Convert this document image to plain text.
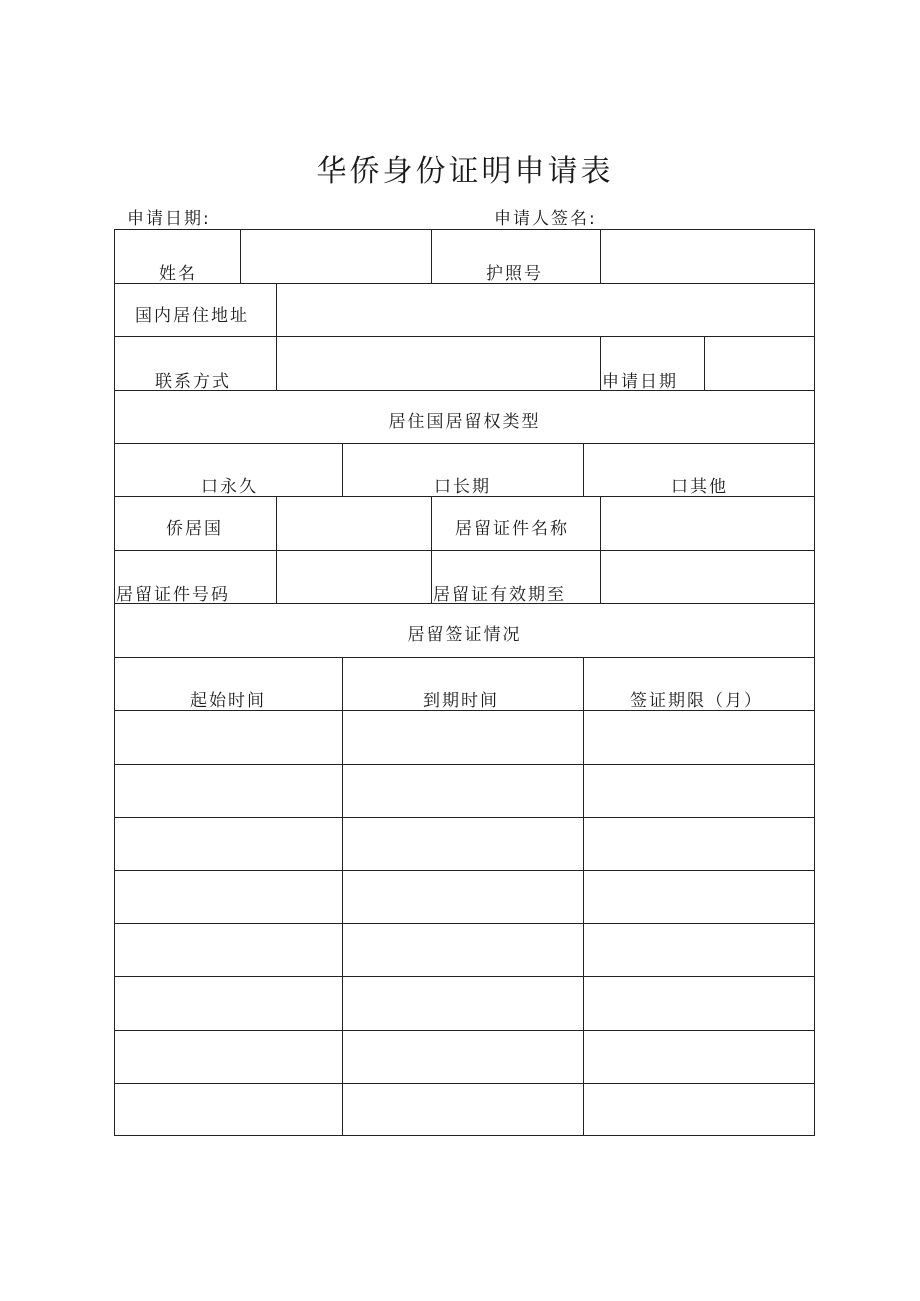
华侨身份证明申请表
申请日期:	申请人签名:
姓名	护照号
国内居住地址
联系方式	申请日期
居住国居留权类型
口永久	口长期	口其他
侨居国	居留证件名称
居留证件号码	居留证有效期至
居留签证情况
起始时间	到期时间	签证期限（月）
